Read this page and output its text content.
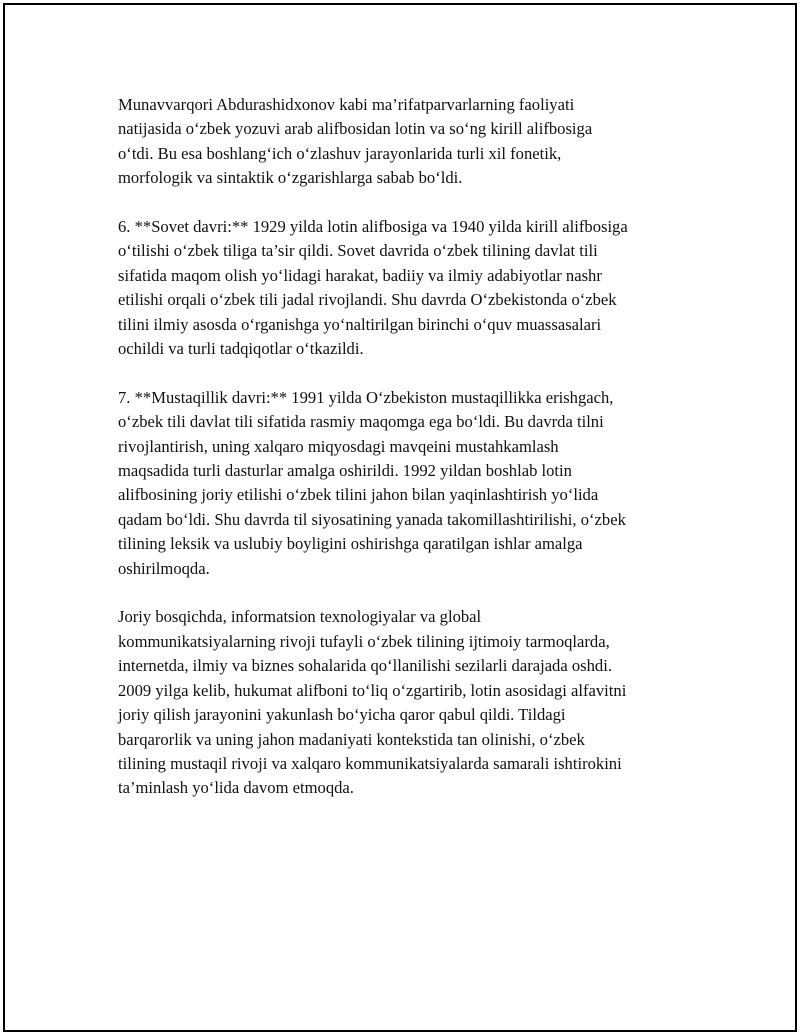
Munavvarqori Abdurashidxonov kabi ma’rifatparvarlarning faoliyati
natijasida o‘zbek yozuvi arab alifbosidan lotin va so‘ng kirill alifbosiga
o‘tdi. Bu esa boshlang‘ich o‘zlashuv jarayonlarida turli xil fonetik,
morfologik va sintaktik o‘zgarishlarga sabab bo‘ldi.

6. **Sovet davri:** 1929 yilda lotin alifbosiga va 1940 yilda kirill alifbosiga
o‘tilishi o‘zbek tiliga ta’sir qildi. Sovet davrida o‘zbek tilining davlat tili
sifatida maqom olish yo‘lidagi harakat, badiiy va ilmiy adabiyotlar nashr
etilishi orqali o‘zbek tili jadal rivojlandi. Shu davrda O‘zbekistonda o‘zbek
tilini ilmiy asosda o‘rganishga yo‘naltirilgan birinchi o‘quv muassasalari
ochildi va turli tadqiqotlar o‘tkazildi.

7. **Mustaqillik davri:** 1991 yilda O‘zbekiston mustaqillikka erishgach,
o‘zbek tili davlat tili sifatida rasmiy maqomga ega bo‘ldi. Bu davrda tilni
rivojlantirish, uning xalqaro miqyosdagi mavqeini mustahkamlash
maqsadida turli dasturlar amalga oshirildi. 1992 yildan boshlab lotin
alifbosining joriy etilishi o‘zbek tilini jahon bilan yaqinlashtirish yo‘lida
qadam bo‘ldi. Shu davrda til siyosatining yanada takomillashtirilishi, o‘zbek
tilining leksik va uslubiy boyligini oshirishga qaratilgan ishlar amalga
oshirilmoqda.

Joriy bosqichda, informatsion texnologiyalar va global
kommunikatsiyalarning rivoji tufayli o‘zbek tilining ijtimoiy tarmoqlarda,
internetda, ilmiy va biznes sohalarida qo‘llanilishi sezilarli darajada oshdi.
2009 yilga kelib, hukumat alifboni to‘liq o‘zgartirib, lotin asosidagi alfavitni
joriy qilish jarayonini yakunlash bo‘yicha qaror qabul qildi. Tildagi
barqarorlik va uning jahon madaniyati kontekstida tan olinishi, o‘zbek
tilining mustaqil rivoji va xalqaro kommunikatsiyalarda samarali ishtirokini
ta’minlash yo‘lida davom etmoqda.
